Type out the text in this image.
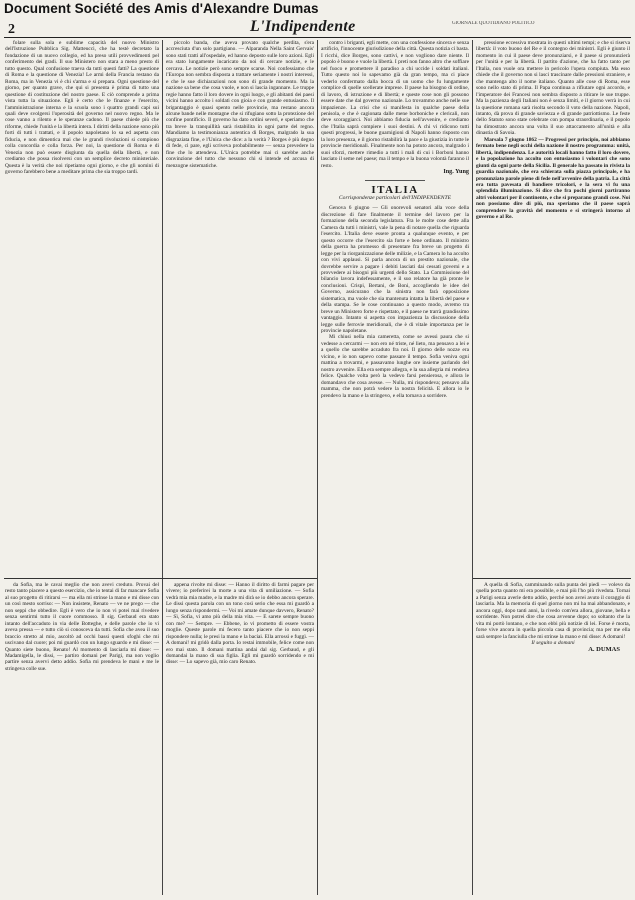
Document Société des Amis d'Alexandre Dumas
2	L'Indipendente	GIORNALE QUOTIDIANO POLITICO

folare sulla sola e sublime capacità del nuovo Ministro dell'Istruzione Pubblica Sig. Matteucci, che ha testè decretato la fondazione di un nuovo collegio, ed ha preso utili provvedimenti pel conferimento dei gradi. Il suo Ministero non stara a meno presto di tutto questo. Qual confusione traeva da tutti questi fatti? La questione di Roma e la questione di Venezia! Le armi della Francia restano da Roma, ma in Venezia vi è chi s'arma e si prepara. Ogni questione del giorno, per quanto grave, che qui si presenta è prima di tutto una questione di costituzione del nostro paese. E ciò comprende a prima vista tutta la situazione. Egli è certo che le finanze e l'esercito, l'amministrazione interna e la scuola sono i quattro grandi capi sui quali deve svolgersi l'operosità del governo nel nuovo regno. Ma le cose vanno a rilento e le speranze cadono. Il paese chiede più che riforme, chiede l'unità e la libertà intera. I diritti della nazione sono più forti di tutti i trattati, e il popolo napoletano lo sa ed aspetta con fiducia, e non dimentica mai che le grandi rivoluzioni si compiono colla concordia e colla forza. Per noi, la questione di Roma e di Venezia non può essere disgiunta da quella della libertà, e non crediamo che possa risolversi con un semplice decreto ministeriale. Questa è la verità che noi ripetiamo ogni giorno, e che gli uomini di governo farebbero bene a meditare prima che sia troppo tardi.

piccolo banda, che aveva provato qualche perdita, s'era accresciuta d'un solo partigiano. — Alparanda Nella Saint Gervais' sono stati tratti all'ospedale, ed hanno deposto sulle loro azioni. Egli era stato lungamente incaricato da noi di cercare notizie, e le cercava. Le notizie però sono sempre scarse. Noi confessiamo che l'Europa non sembra disposta a trattare seriamente i nostri interessi, e che le sue dichiarazioni non sono di grande momento. Ma la nazione sa bene che cosa vuole, e non si lascia ingannare. Le truppe regie hanno fatto il loro dovere in ogni luogo, e gli abitanti dei paesi vicini hanno accolto i soldati con gioia e con grande entusiasmo. Il brigantaggio è quasi spento nelle provincie, ma restano ancora alcune bande nelle montagne che si rifugiano sotto la protezione del confine pontificio. Il governo ha dato ordini severi, e speriamo che tra breve la tranquillità sarà ristabilita in ogni parte del regno. Mandiamo la testimonianza autentica di Borges, malgrado la sua disgraziata fine, e l'Unica che dice: a la verità ? Borges è più degno di fede, ci pare, egli scriveva probabilmente — senza prevedere la fine che lo attendeva. L'Unica potrebbe mai ci sarebbe anche convinzione del tutto che nessuno chi si intende ed accusa di menzogne sistematiche.

contro i briganti, egli mette, con una confessione sincera e senza artificio, l'innocente giurisdizione della città. Questa notizia ci basta. I ricchi, dice Borges, sono cattivi, e non vogliono dare niente. Il popolo è buono e vuole la libertà. I preti non fanno altro che soffiare nel fuoco e promettere il paradiso a chi uccide i soldati italiani. Tutto questo noi lo sapevamo già da gran tempo, ma ci piace vederlo confermato dalla bocca di un uomo che fu lungamente complice di quelle scellerate imprese. Il paese ha bisogno di ordine, di lavoro, di istruzione e di libertà; e queste cose non gli possono essere date che dal governo nazionale. Lo trovammo anche nelle sue impazienze. La crisi che si manifesta in qualche paese della penisola, e che è cagionata dalle mene borboniche e clericali, non deve scoraggiarci. Noi abbiamo fiducia nell'avvenire, e crediamo che l'Italia saprà compiere i suoi destini. A chi vi ridicono tutti questi progressi, le buone guarnigioni di Napoli hanno risposto con la loro presenza, e il giorno ristabilirà la pace e la giustizia in tutte le provincie meridionali. Finalmente non ha potuto ancora, malgrado i suoi sforzi, mettere rimedio a tutti i mali di cui i Borboni hanno lasciato il seme nel paese; ma il tempo e la buona volontà faranno il resto.

Ing. Yung

ITALIA
Corrispondenze particolari dell'INDIPENDENTE

Genova 6 giugno — Gli onorevoli senatori alla voce della discrezione di fare finalmente il termine del lavoro per la formazione della seconda legislatura. Fra le molte cose dette alla Camera da tutti i ministri, vale la pena di notare quella che riguarda l'esercito. L'Italia deve essere pronta a qualunque evento, e per questo occorre che l'esercito sia forte e bene ordinato. Il ministro della guerra ha promesso di presentare fra breve un progetto di legge per la riorganizzazione delle milizie, e la Camera lo ha accolto con vivi applausi. Si parla ancora di un prestito nazionale, che dovrebbe servire a pagare i debiti lasciati dai cessati governi e a provvedere ai bisogni più urgenti dello Stato. La Commissione del bilancio lavora indefessamente, e il suo relatore ha già pronte le conclusioni. Crispi, Bertani, de Boni, accogliendo le idee del Governo, assicurano che la sinistra non farà opposizione sistematica, ma vuole che sia mantenuta intatta la libertà del paese e della stampa. Se le cose continuano a questo modo, avremo tra breve un Ministero forte e rispettato, e il paese ne trarrà grandissimo vantaggio. Intanto si aspetta con impazienza la discussione della legge sulle ferrovie meridionali, che è di vitale importanza per le provincie napoletane.

Mi chiusi nella mia cameretta, come se avessi paura che si vedesse a cercarmi — non ero né triste, né lieto, ma pensavo a lei e a quello che sarebbe accaduto fra noi. Il giorno delle nozze era vicino, e io non sapevo come passare il tempo. Sofia veniva ogni mattina a trovarmi, e passavamo lunghe ore insieme parlando del nostro avvenire. Ella era sempre allegra, e la sua allegria mi rendeva felice. Qualche volta però la vedevo farsi pensierosa, e allora le domandavo che cosa avesse. — Nulla, mi rispondeva; pensavo alla mamma, che non potrà vedere la nostra felicità. E allora io le prendevo la mano e la stringevo, e ella tornava a sorridere.

pressione eccessiva mostrata in questi ultimi tempi; e che si riserva libertà: il voto buono del Re e il contegno dei ministri. Egli è giunto il momento in cui il paese deve pronunziarsi, e il paese si pronunzierà per l'unità e per la libertà. Il partito d'azione, che ha fatto tanto per l'Italia, non vuole ora mettere in pericolo l'opera compiuta. Ma esso chiede che il governo non si lasci trascinare dalle pressioni straniere, e che mantenga alto il nome italiano. Quanto alle cose di Roma, esse sono nello stato di prima. Il Papa continua a rifiutare ogni accordo, e l'imperatore dei Francesi non sembra disposto a ritirare le sue truppe. Ma la pazienza degli Italiani non è senza limiti, e il giorno verrà in cui la questione romana sarà risolta secondo il voto della nazione. Napoli, intanto, dà prova di grande saviezza e di grande patriottismo. Le feste dello Statuto sono state celebrate con pompa straordinaria, e il popolo ha dimostrato ancora una volta il suo attaccamento all'unità e alla dinastia di Savoia.

Marsala 7 giugno 1862 — Progressi per principio, noi abbiamo fermato bene negli occhi della nazione il nostro programma: unità, libertà, indipendenza. Le autorità locali hanno fatto il loro dovere, e la popolazione ha accolto con entusiasmo i volontari che sono giunti da ogni parte della Sicilia. Il generale ha passato in rivista la guardia nazionale, che era schierata sulla piazza principale, e ha pronunziato parole piene di fede nell'avvenire della patria. La città era tutta pavesata di bandiere tricolori, e la sera vi fu una splendida illuminazione. Si dice che fra pochi giorni partiranno altri volontari per il continente, e che si preparano grandi cose. Noi non possiamo dire di più, ma speriamo che il paese saprà comprendere la gravità del momento e si stringerà intorno al governo e al Re.

da Sofia, ma le cavai meglio che non avevi creduto. Provai del resto tanto piacere a questo esercizio, che io tentai di far mancare Sofia al suo progetto di ritirarsi — ma ella mi strinse la mano e mi disse con un così mesto sorriso: — Non insistete, Renato — ve ne prego — che non seppi che obbedire. Egli è vero che io non vi potei mai rivedere senza sentirmi tutto il cuore commosso. Il sig. Gerbaud era stato intanto dell'accaduto in via delle Botteghe, e delle parole che io vi aveva pressa — e tutto ciò si conosceva da tutti. Sofia che avea il suo braccio stretto al mio, ascoltò ad occhi bassi questi sfoghi che mi uscivano dal cuore; poi mi guardò con un lungo sguardo e mi disse: — Quanto siete buono, Renato! Al momento di lasciarla mi disse: — Madamigella, le dissi, — partiro domani per Parigi, ma non voglio partire senza avervi detto addio. Sofia mi prendeva le mani e me le stringeva colle sue.

appena rivolte mi disse: — Hanno il diritto di farmi pagare per vivere; io preferirei la morte a una vita di umiliazione. — Sofia vedrà mia mia madre, e la madre mi dirà se io debbo ancora sperare. Le dissi questa parola con un tono così serio che essa mi guardò a lungo senza rispondermi. — Voi mi amate dunque davvero, Renato? — Sì, Sofia, vi amo più della mia vita. — E sarete sempre buono con me? — Sempre. — Ebbene, io vi prometto di essere vostra moglie. Queste parole mi fecero tanto piacere che io non seppi rispondere nulla; le presi la mano e la baciai. Ella arrossì e fuggì. — A domani! mi gridò dalla porta. Io restai immobile, felice come non ero mai stato. Il domani mattina andai dal sig. Gerbaud, e gli domandai la mano di sua figlia. Egli mi guardò sorridendo e mi disse: — Lo sapevo già, mio caro Renato.

A quella di Sofia, camminando sulla punta dei piedi — volevo da quella porta quanto mi era possibile, e mai più l'ho più riveduta. Tornai a Parigi senza averle detto addio, perché non avrei avuto il coraggio di lasciarla. Ma la memoria di quel giorno non mi ha mai abbandonato, e ancora oggi, dopo tanti anni, la rivedo com'era allora, giovane, bella e sorridente. Non potrei dire che cosa avvenne dopo; so soltanto che la vita mi portò lontano, e che non ebbi più notizie di lei. Forse è morta, forse vive ancora in quella piccola casa di provincia; ma per me ella sarà sempre la fanciulla che mi strinse la mano e mi disse: A domani!

Il seguito a domani

A. DUMAS
